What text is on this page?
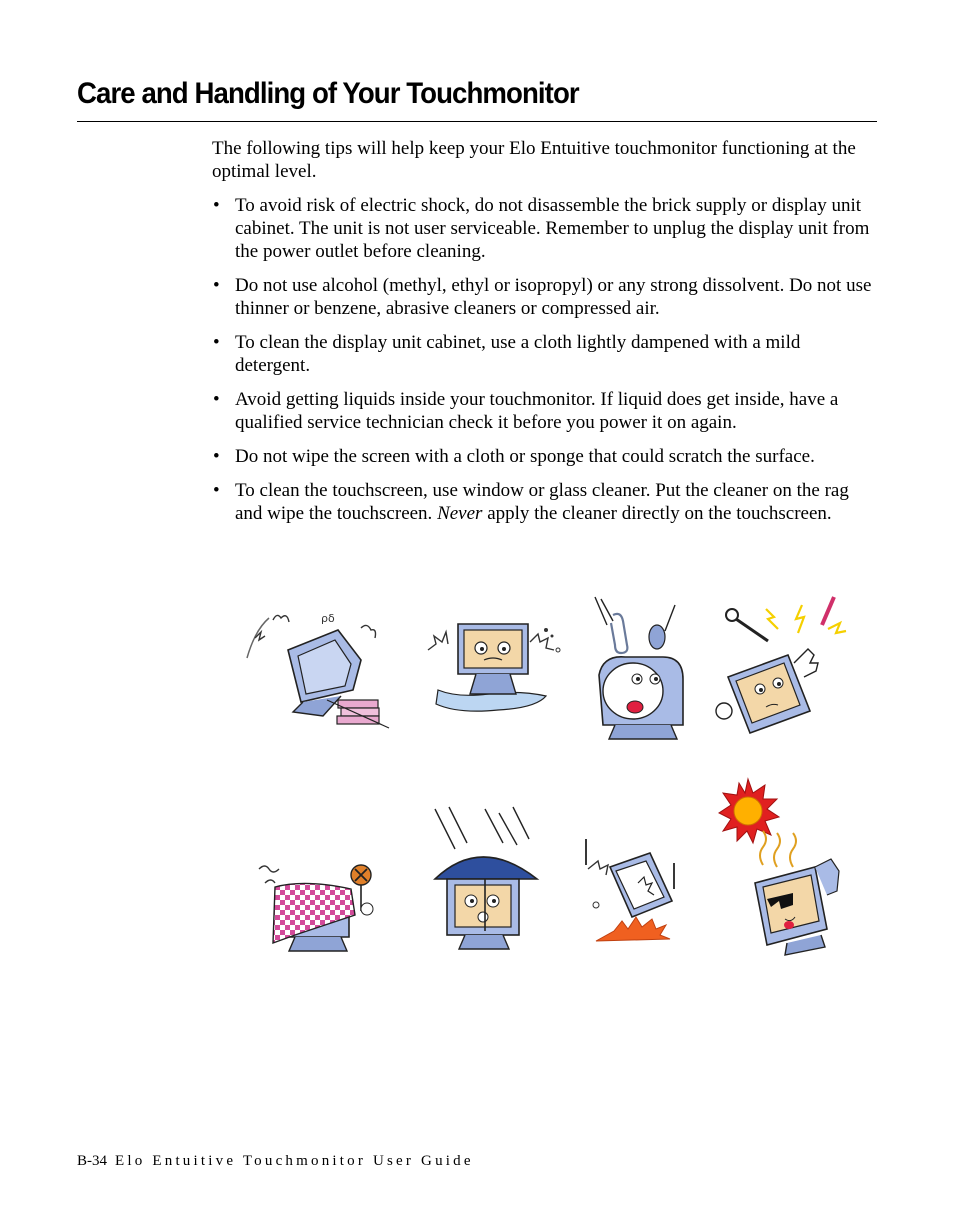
Care and Handling of Your Touchmonitor

The following tips will help keep your Elo Entuitive touchmonitor functioning at the optimal level.

• To avoid risk of electric shock, do not disassemble the brick supply or display unit cabinet. The unit is not user serviceable. Remember to unplug the display unit from the power outlet before cleaning.
• Do not use alcohol (methyl, ethyl or isopropyl) or any strong dissolvent. Do not use thinner or benzene, abrasive cleaners or compressed air.
• To clean the display unit cabinet, use a cloth lightly dampened with a mild detergent.
• Avoid getting liquids inside your touchmonitor. If liquid does get inside, have a qualified service technician check it before you power it on again.
• Do not wipe the screen with a cloth or sponge that could scratch the surface.
• To clean the touchscreen, use window or glass cleaner. Put the cleaner on the rag and wipe the touchscreen. Never apply the cleaner directly on the touchscreen.
ρδ
B-34 Elo Entuitive Touchmonitor User Guide
